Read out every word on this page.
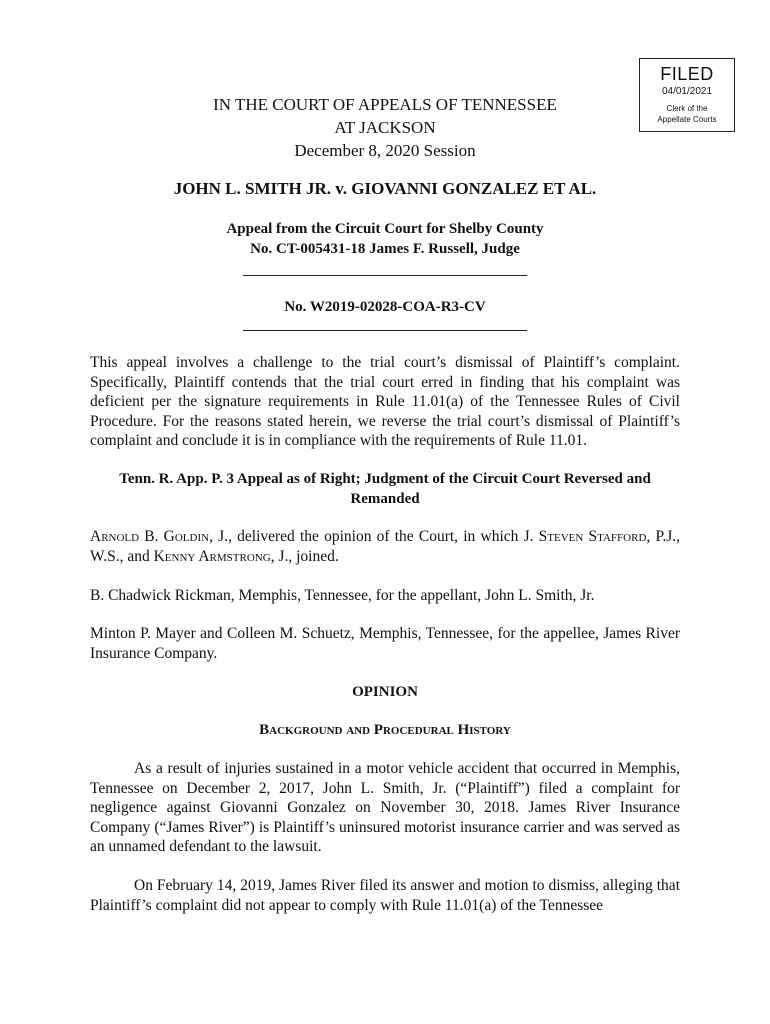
FILED
04/01/2021
Clerk of the
Appellate Courts
IN THE COURT OF APPEALS OF TENNESSEE
AT JACKSON
December 8, 2020 Session
JOHN L. SMITH JR. v. GIOVANNI GONZALEZ ET AL.
Appeal from the Circuit Court for Shelby County
No. CT-005431-18 James F. Russell, Judge
No. W2019-02028-COA-R3-CV
This appeal involves a challenge to the trial court’s dismissal of Plaintiff’s complaint. Specifically, Plaintiff contends that the trial court erred in finding that his complaint was deficient per the signature requirements in Rule 11.01(a) of the Tennessee Rules of Civil Procedure. For the reasons stated herein, we reverse the trial court’s dismissal of Plaintiff’s complaint and conclude it is in compliance with the requirements of Rule 11.01.
Tenn. R. App. P. 3 Appeal as of Right; Judgment of the Circuit Court Reversed and
Remanded
Arnold B. Goldin, J., delivered the opinion of the Court, in which J. Steven Stafford, P.J., W.S., and Kenny Armstrong, J., joined.
B. Chadwick Rickman, Memphis, Tennessee, for the appellant, John L. Smith, Jr.
Minton P. Mayer and Colleen M. Schuetz, Memphis, Tennessee, for the appellee, James River Insurance Company.
OPINION
Background and Procedural History
As a result of injuries sustained in a motor vehicle accident that occurred in Memphis, Tennessee on December 2, 2017, John L. Smith, Jr. (“Plaintiff”) filed a complaint for negligence against Giovanni Gonzalez on November 30, 2018. James River Insurance Company (“James River”) is Plaintiff’s uninsured motorist insurance carrier and was served as an unnamed defendant to the lawsuit.
On February 14, 2019, James River filed its answer and motion to dismiss, alleging that Plaintiff’s complaint did not appear to comply with Rule 11.01(a) of the Tennessee
